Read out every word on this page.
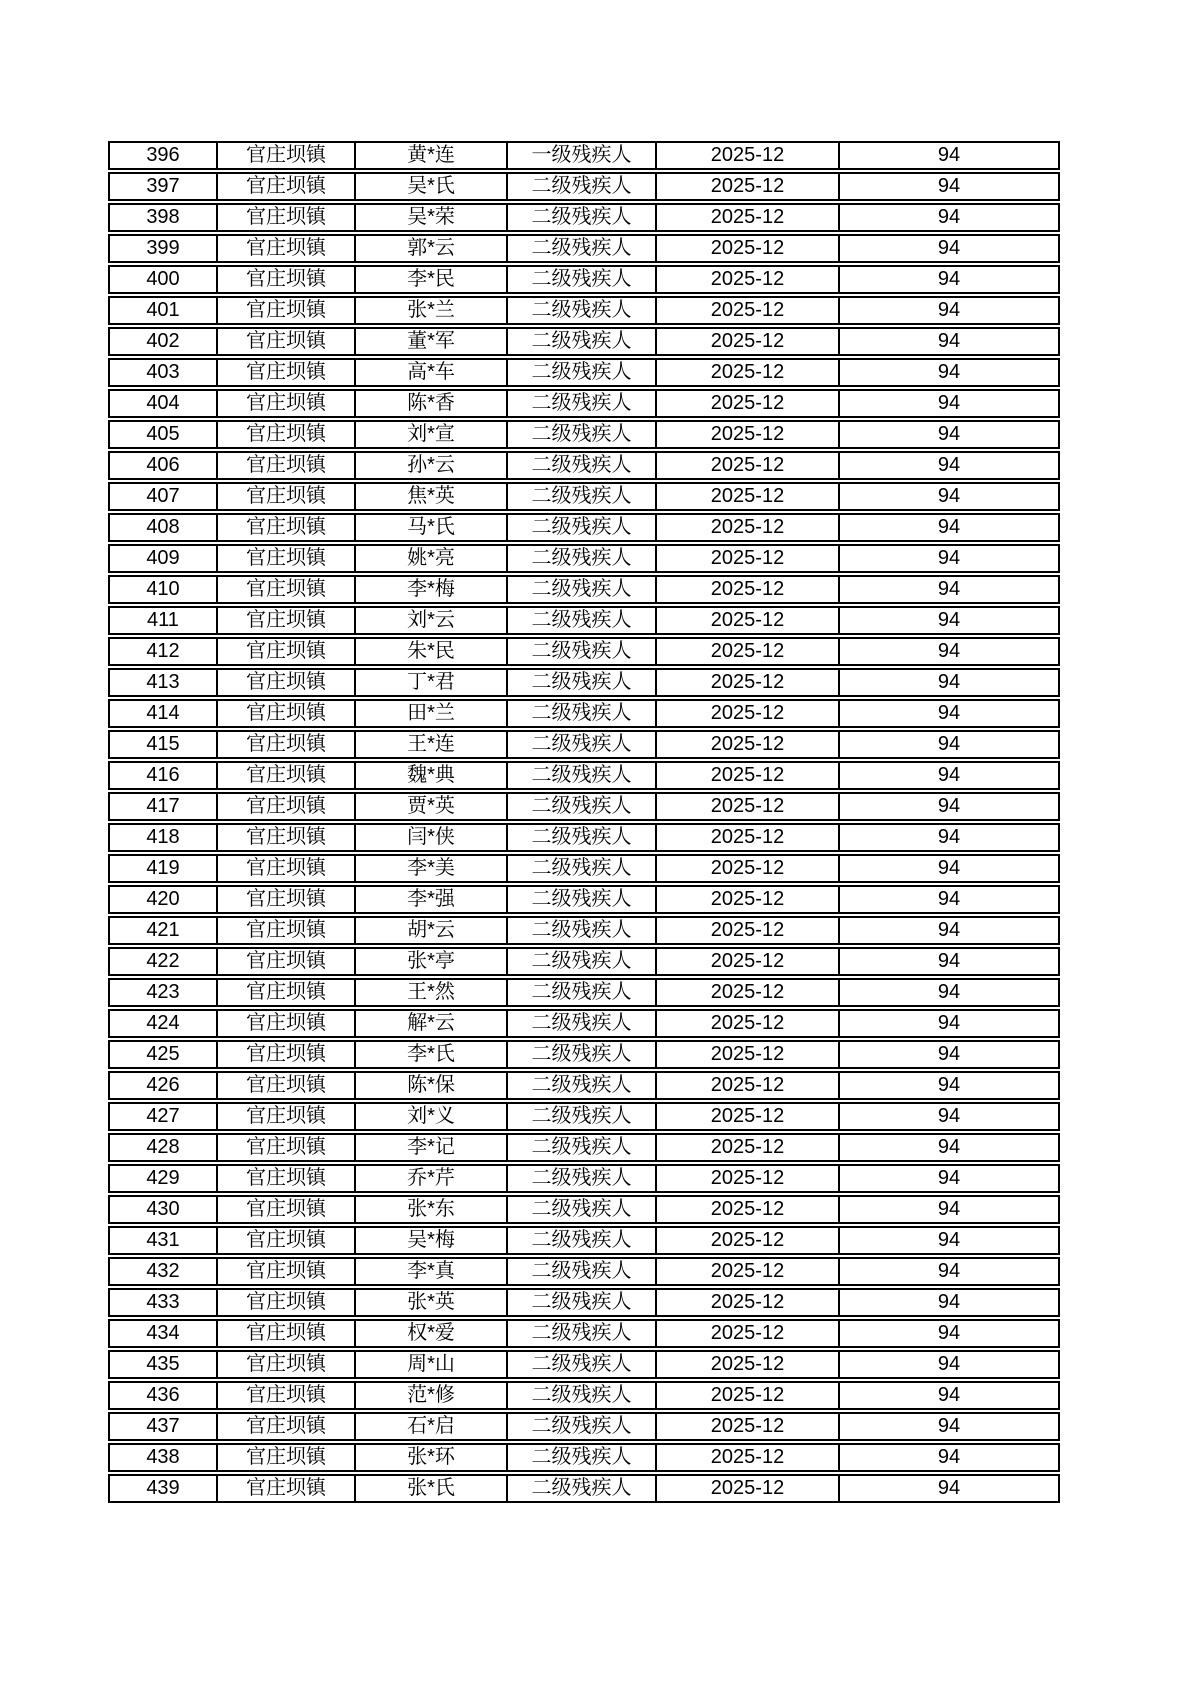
396	官庄坝镇	黄*连	一级残疾人	2025-12	94
397	官庄坝镇	吴*氏	二级残疾人	2025-12	94
398	官庄坝镇	吴*荣	二级残疾人	2025-12	94
399	官庄坝镇	郭*云	二级残疾人	2025-12	94
400	官庄坝镇	李*民	二级残疾人	2025-12	94
401	官庄坝镇	张*兰	二级残疾人	2025-12	94
402	官庄坝镇	董*军	二级残疾人	2025-12	94
403	官庄坝镇	高*车	二级残疾人	2025-12	94
404	官庄坝镇	陈*香	二级残疾人	2025-12	94
405	官庄坝镇	刘*宣	二级残疾人	2025-12	94
406	官庄坝镇	孙*云	二级残疾人	2025-12	94
407	官庄坝镇	焦*英	二级残疾人	2025-12	94
408	官庄坝镇	马*氏	二级残疾人	2025-12	94
409	官庄坝镇	姚*亮	二级残疾人	2025-12	94
410	官庄坝镇	李*梅	二级残疾人	2025-12	94
411	官庄坝镇	刘*云	二级残疾人	2025-12	94
412	官庄坝镇	朱*民	二级残疾人	2025-12	94
413	官庄坝镇	丁*君	二级残疾人	2025-12	94
414	官庄坝镇	田*兰	二级残疾人	2025-12	94
415	官庄坝镇	王*连	二级残疾人	2025-12	94
416	官庄坝镇	魏*典	二级残疾人	2025-12	94
417	官庄坝镇	贾*英	二级残疾人	2025-12	94
418	官庄坝镇	闫*侠	二级残疾人	2025-12	94
419	官庄坝镇	李*美	二级残疾人	2025-12	94
420	官庄坝镇	李*强	二级残疾人	2025-12	94
421	官庄坝镇	胡*云	二级残疾人	2025-12	94
422	官庄坝镇	张*亭	二级残疾人	2025-12	94
423	官庄坝镇	王*然	二级残疾人	2025-12	94
424	官庄坝镇	解*云	二级残疾人	2025-12	94
425	官庄坝镇	李*氏	二级残疾人	2025-12	94
426	官庄坝镇	陈*保	二级残疾人	2025-12	94
427	官庄坝镇	刘*义	二级残疾人	2025-12	94
428	官庄坝镇	李*记	二级残疾人	2025-12	94
429	官庄坝镇	乔*芹	二级残疾人	2025-12	94
430	官庄坝镇	张*东	二级残疾人	2025-12	94
431	官庄坝镇	吴*梅	二级残疾人	2025-12	94
432	官庄坝镇	李*真	二级残疾人	2025-12	94
433	官庄坝镇	张*英	二级残疾人	2025-12	94
434	官庄坝镇	权*爱	二级残疾人	2025-12	94
435	官庄坝镇	周*山	二级残疾人	2025-12	94
436	官庄坝镇	范*修	二级残疾人	2025-12	94
437	官庄坝镇	石*启	二级残疾人	2025-12	94
438	官庄坝镇	张*环	二级残疾人	2025-12	94
439	官庄坝镇	张*氏	二级残疾人	2025-12	94
